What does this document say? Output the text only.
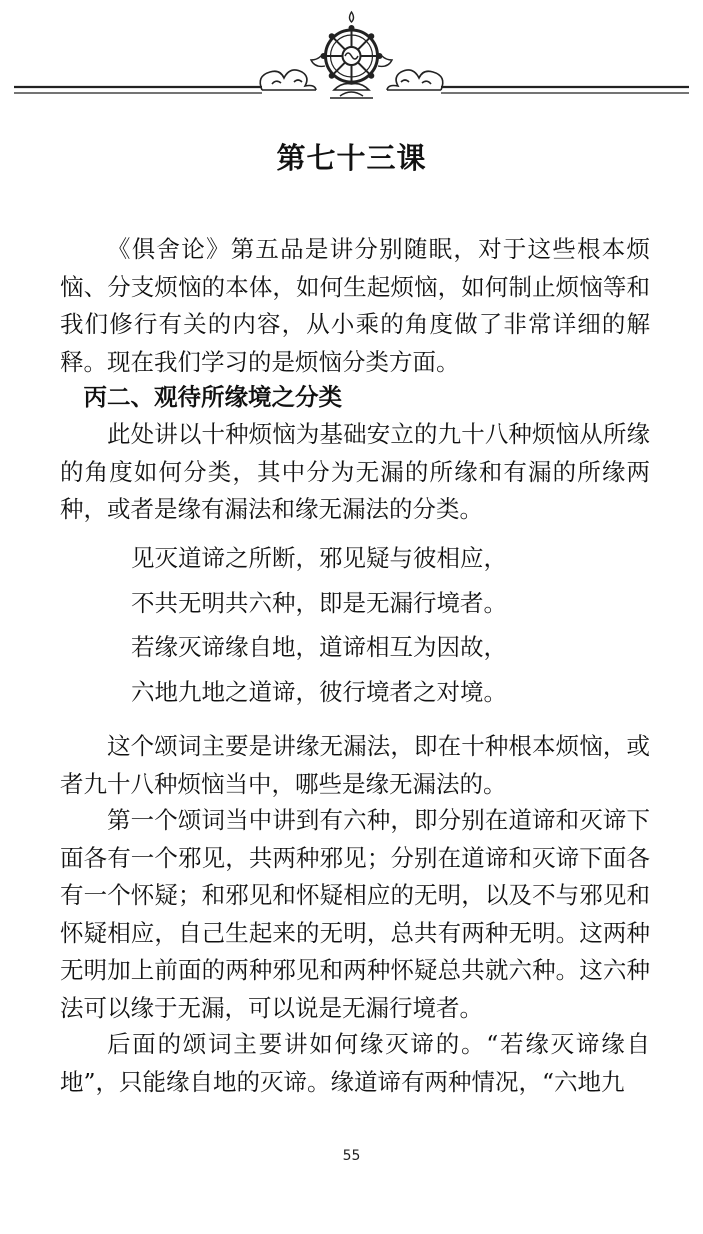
第七十三课

《俱舍论》第五品是讲分别随眠，对于这些根本烦恼、分支烦恼的本体，如何生起烦恼，如何制止烦恼等和我们修行有关的内容，从小乘的角度做了非常详细的解释。现在我们学习的是烦恼分类方面。

丙二、观待所缘境之分类

此处讲以十种烦恼为基础安立的九十八种烦恼从所缘的角度如何分类，其中分为无漏的所缘和有漏的所缘两种，或者是缘有漏法和缘无漏法的分类。

见灭道谛之所断，邪见疑与彼相应，
不共无明共六种，即是无漏行境者。
若缘灭谛缘自地，道谛相互为因故，
六地九地之道谛，彼行境者之对境。

这个颂词主要是讲缘无漏法，即在十种根本烦恼，或者九十八种烦恼当中，哪些是缘无漏法的。

第一个颂词当中讲到有六种，即分别在道谛和灭谛下面各有一个邪见，共两种邪见；分别在道谛和灭谛下面各有一个怀疑；和邪见和怀疑相应的无明，以及不与邪见和怀疑相应，自己生起来的无明，总共有两种无明。这两种无明加上前面的两种邪见和两种怀疑总共就六种。这六种法可以缘于无漏，可以说是无漏行境者。

后面的颂词主要讲如何缘灭谛的。“若缘灭谛缘自地”，只能缘自地的灭谛。缘道谛有两种情况，“六地九

55
